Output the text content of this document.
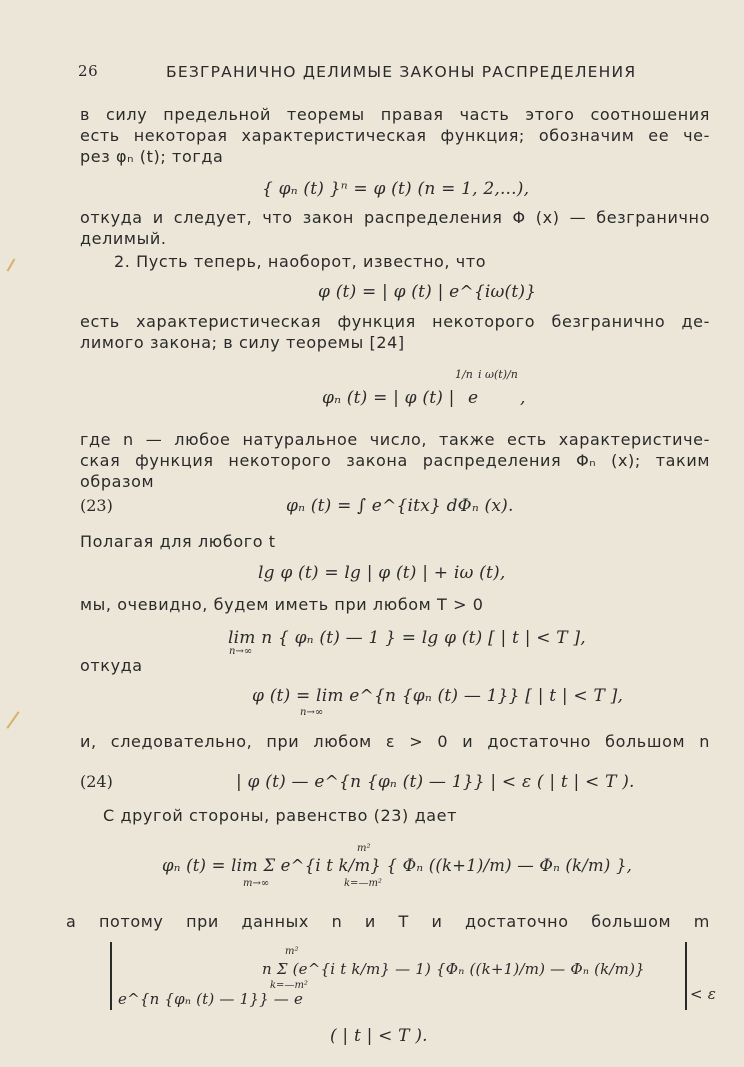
26	БЕЗГРАНИЧНО ДЕЛИМЫЕ ЗАКОНЫ РАСПРЕДЕЛЕНИЯ
в силу предельной теоремы правая часть этого соотношения
есть некоторая характеристическая функция; обозначим ее че-
рез φₙ (t); тогда
{ φₙ (t) }ⁿ = φ (t) (n = 1, 2,...),
откуда и следует, что закон распределения Φ (x) — безгранично
делимый.
2. Пусть теперь, наоборот, известно, что
φ (t) = | φ (t) | e^{iω(t)}
есть характеристическая функция некоторого безгранично де-
лимого закона; в силу теоремы [24]
φₙ (t) = | φ (t) |
1/n
e
i ω(t)/n
,
где n — любое натуральное число, также есть характеристиче-
ская функция некоторого закона распределения Φₙ (x); таким
образом
(23)	φₙ (t) = ∫ e^{itx} dΦₙ (x).
Полагая для любого t
lg φ (t) = lg | φ (t) | + iω (t),
мы, очевидно, будем иметь при любом T > 0
lim n { φₙ (t) — 1 } = lg φ (t) [ | t | < T ],
n→∞
откуда
φ (t) = lim e^{n {φₙ (t) — 1}} [ | t | < T ],
n→∞
и, следовательно, при любом ε > 0 и достаточно большом n
(24)	| φ (t) — e^{n {φₙ (t) — 1}} | < ε ( | t | < T ).
С другой стороны, равенство (23) дает
m²
φₙ (t) = lim Σ e^{i t k/m} { Φₙ ((k+1)/m) — Φₙ (k/m) },
m→∞	k=—m²
а потому при данных n и T и достаточно большом m
m²
n Σ (e^{i t k/m} — 1) {Φₙ ((k+1)/m) — Φₙ (k/m)}
k=—m²
e^{n {φₙ (t) — 1}} — e	< ε
( | t | < T ).
